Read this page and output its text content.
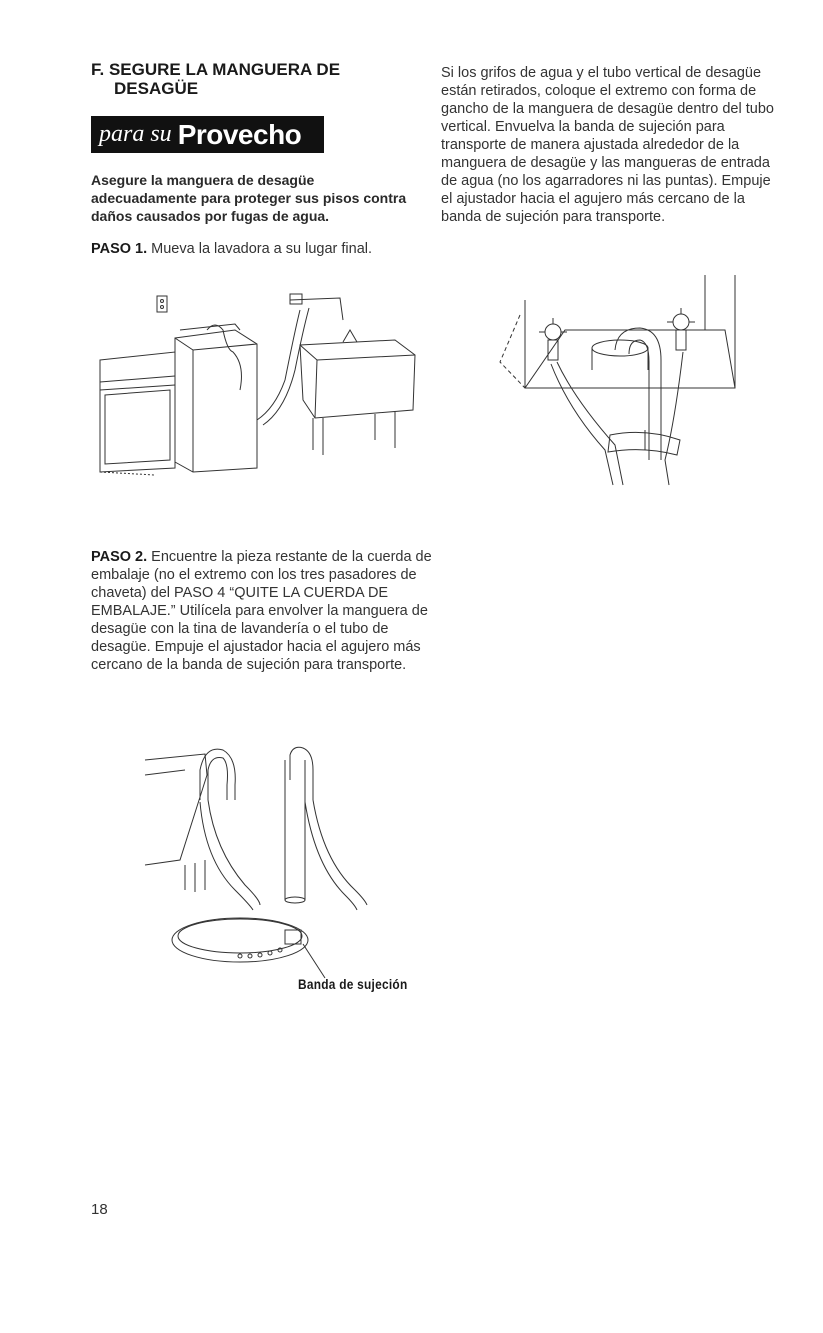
F. SEGURE LA MANGUERA DE
DESAGÜE
para su Provecho
Asegure la manguera de desagüe adecuadamente para proteger sus pisos contra daños causados por fugas de agua.
PASO 1. Mueva la lavadora a su lugar final.
Si los grifos de agua y el tubo vertical de desagüe están retirados, coloque el extremo con forma de gancho de la manguera de desagüe dentro del tubo vertical. Envuelva la banda de sujeción para transporte de manera ajustada alrededor de la manguera de desagüe y las mangueras de entrada de agua (no los agarradores ni las puntas). Empuje el ajustador hacia el agujero más cercano de la banda de sujeción para transporte.
PASO 2. Encuentre la pieza restante de la cuerda de embalaje (no el extremo con los tres pasadores de chaveta) del PASO 4 “QUITE LA CUERDA DE EMBALAJE.” Utilícela para envolver la manguera de desagüe con la tina de lavandería o el tubo de desagüe. Empuje el ajustador hacia el agujero más cercano de la banda de sujeción para transporte.
Banda de sujeción
18
